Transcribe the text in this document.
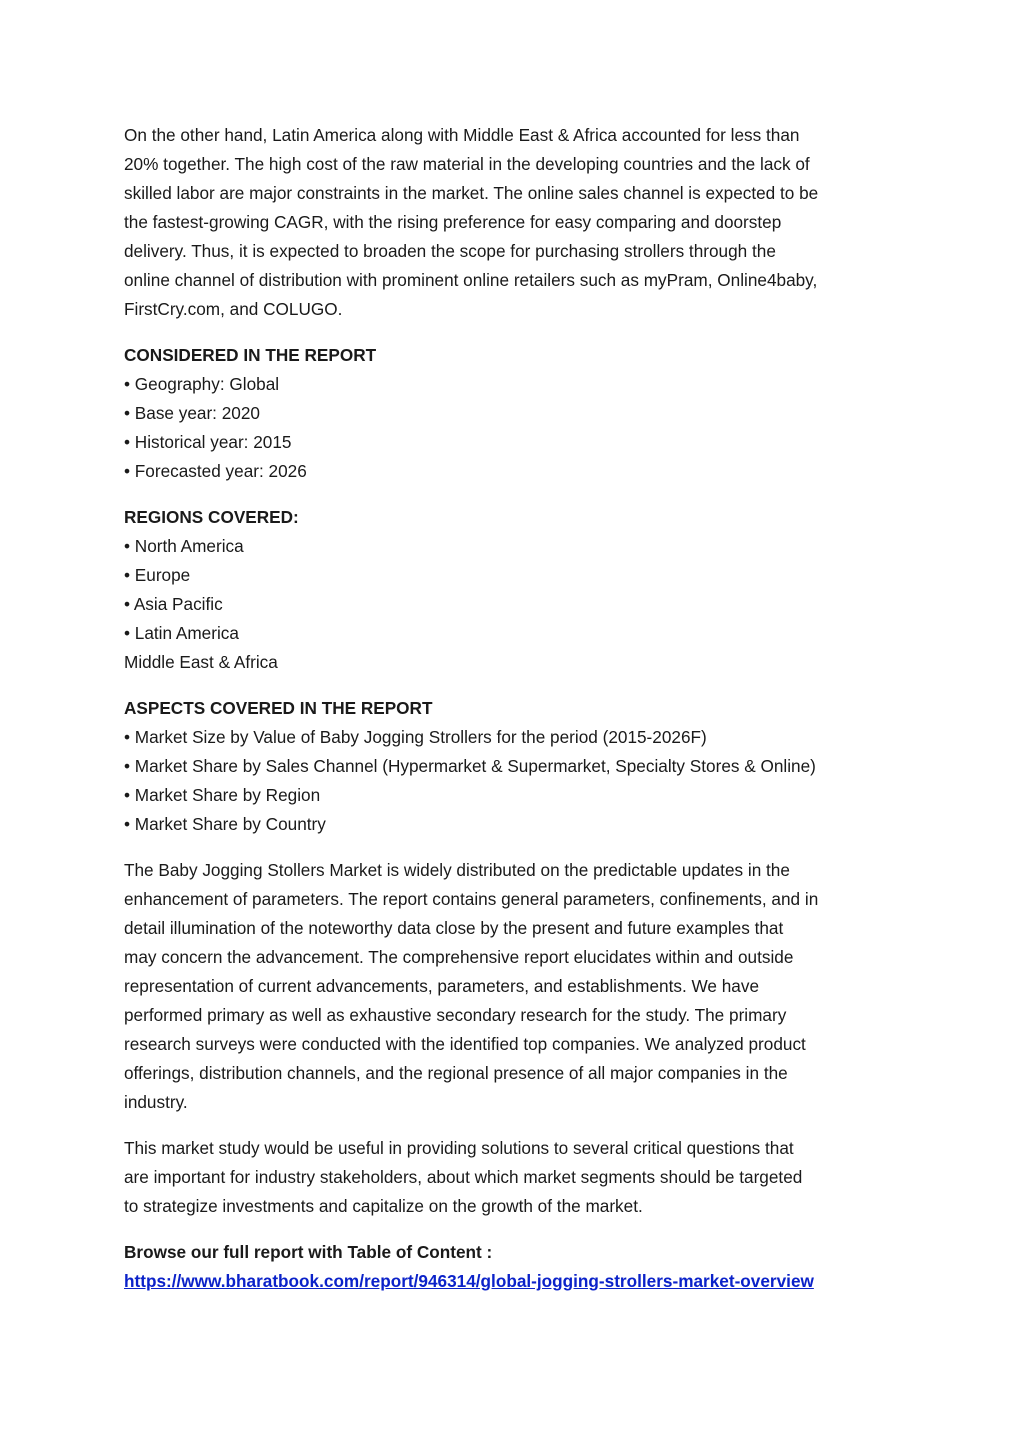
On the other hand, Latin America along with Middle East & Africa accounted for less than

20% together. The high cost of the raw material in the developing countries and the lack of

skilled labor are major constraints in the market. The online sales channel is expected to be

the fastest-growing CAGR, with the rising preference for easy comparing and doorstep

delivery. Thus, it is expected to broaden the scope for purchasing strollers through the

online channel of distribution with prominent online retailers such as myPram, Online4baby,

FirstCry.com, and COLUGO.

CONSIDERED IN THE REPORT

• Geography: Global

• Base year: 2020

• Historical year: 2015

• Forecasted year: 2026

REGIONS COVERED:

• North America

• Europe

• Asia Pacific

• Latin America

Middle East & Africa

ASPECTS COVERED IN THE REPORT

• Market Size by Value of Baby Jogging Strollers for the period (2015-2026F)

• Market Share by Sales Channel (Hypermarket & Supermarket, Specialty Stores & Online)

• Market Share by Region

• Market Share by Country

The Baby Jogging Stollers Market is widely distributed on the predictable updates in the

enhancement of parameters. The report contains general parameters, confinements, and in

detail illumination of the noteworthy data close by the present and future examples that

may concern the advancement. The comprehensive report elucidates within and outside

representation of current advancements, parameters, and establishments. We have

performed primary as well as exhaustive secondary research for the study. The primary

research surveys were conducted with the identified top companies. We analyzed product

offerings, distribution channels, and the regional presence of all major companies in the

industry.

This market study would be useful in providing solutions to several critical questions that

are important for industry stakeholders, about which market segments should be targeted

to strategize investments and capitalize on the growth of the market.

Browse our full report with Table of Content :

https://www.bharatbook.com/report/946314/global-jogging-strollers-market-overview
